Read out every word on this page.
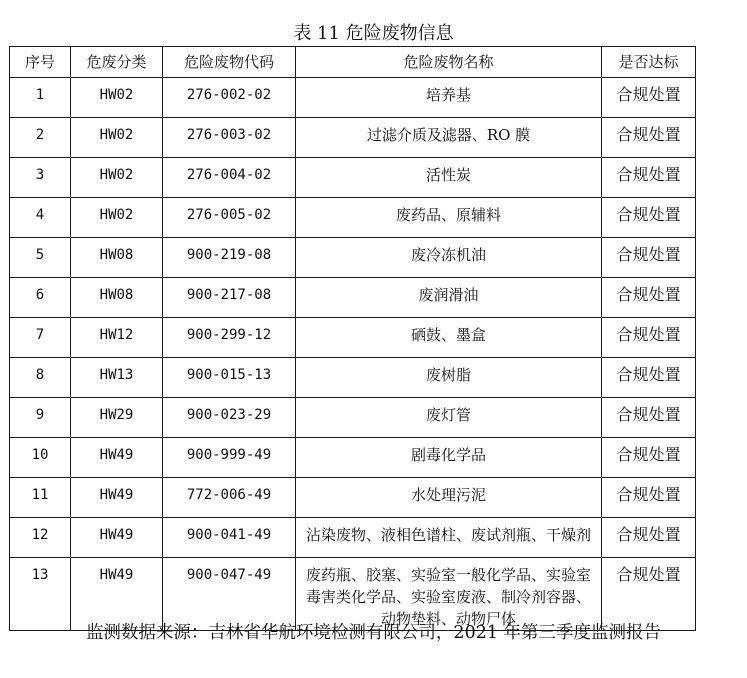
表 11 危险废物信息
序号	危废分类	危险废物代码	危险废物名称	是否达标
1	HW02	276-002-02	培养基	合规处置
2	HW02	276-003-02	过滤介质及滤器、RO 膜	合规处置
3	HW02	276-004-02	活性炭	合规处置
4	HW02	276-005-02	废药品、原辅料	合规处置
5	HW08	900-219-08	废冷冻机油	合规处置
6	HW08	900-217-08	废润滑油	合规处置
7	HW12	900-299-12	硒鼓、墨盒	合规处置
8	HW13	900-015-13	废树脂	合规处置
9	HW29	900-023-29	废灯管	合规处置
10	HW49	900-999-49	剧毒化学品	合规处置
11	HW49	772-006-49	水处理污泥	合规处置
12	HW49	900-041-49	沾染废物、液相色谱柱、废试剂瓶、干燥剂	合规处置
13	HW49	900-047-49	废药瓶、胶塞、实验室一般化学品、实验室毒害类化学品、实验室废液、制冷剂容器、动物垫料、动物尸体	合规处置
监测数据来源：吉林省华航环境检测有限公司，2021 年第三季度监测报告
